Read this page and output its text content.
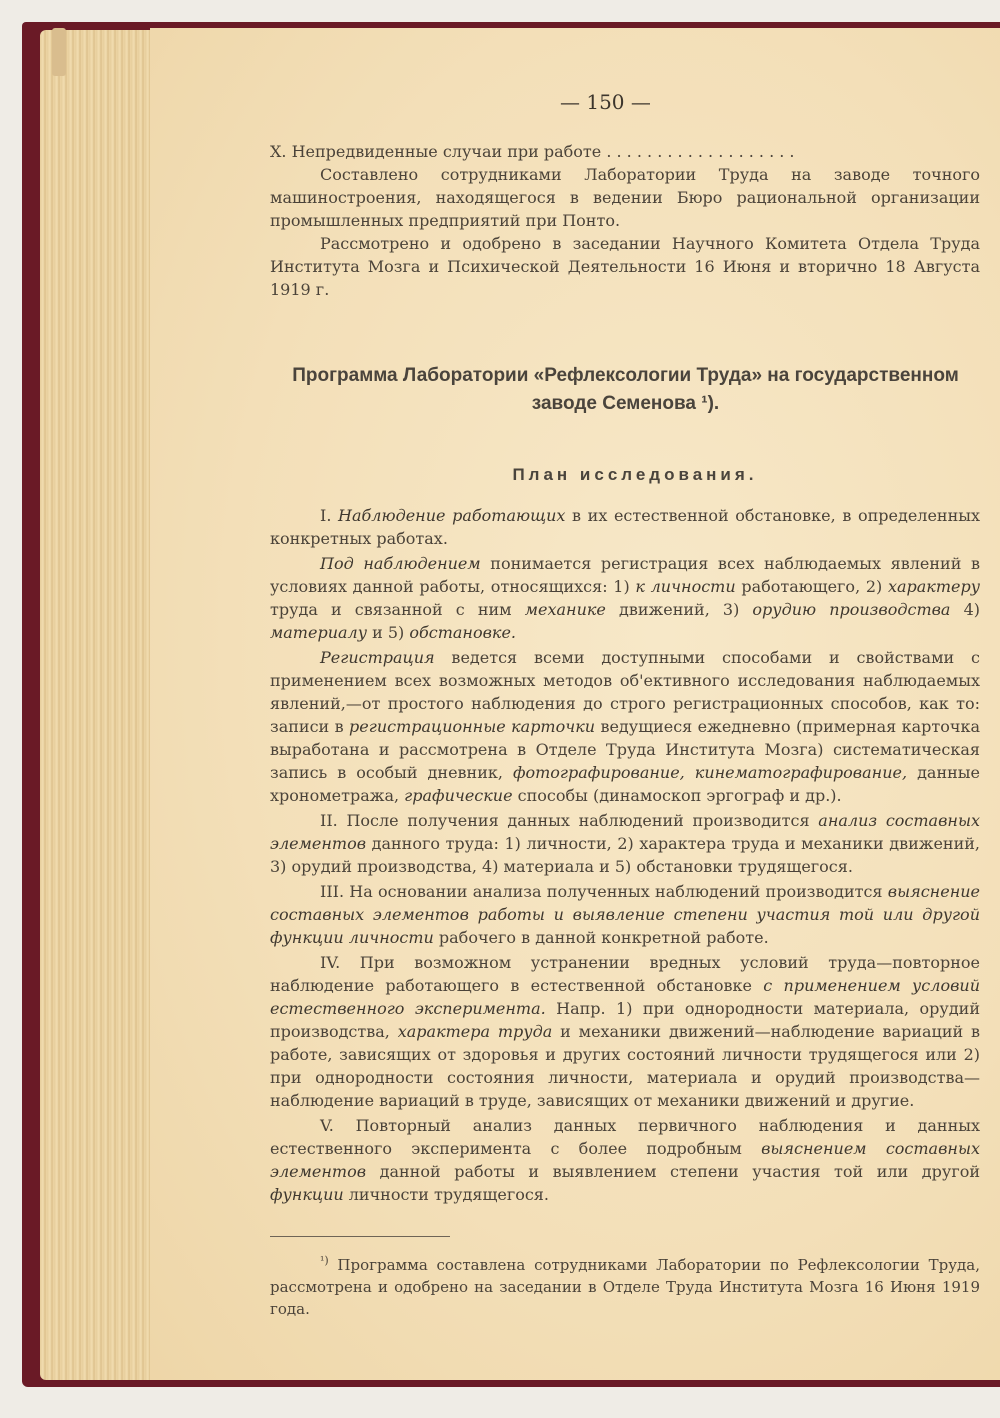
— 150 —

X. Непредвиденные случаи при работе . . . . . . . . . . . . . . . . . . .

Составлено сотрудниками Лаборатории Труда на заводе точного машиностроения, находящегося в ведении Бюро рациональной организации промышленных предприятий при Понто.

Рассмотрено и одобрено в заседании Научного Комитета Отдела Труда Института Мозга и Психической Деятельности 16 Июня и вторично 18 Августа 1919 г.

Программа Лаборатории «Рефлексологии Труда» на государственном заводе Семенова ¹).
План исследования.

I. Наблюдение работающих в их естественной обстановке, в определенных конкретных работах.

Под наблюдением понимается регистрация всех наблюдаемых явлений в условиях данной работы, относящихся: 1) к личности работающего, 2) характеру труда и связанной с ним механике движений, 3) орудию производства 4) материалу и 5) обстановке.

Регистрация ведется всеми доступными способами и свойствами с применением всех возможных методов об'ективного исследования наблюдаемых явлений,—от простого наблюдения до строго регистрационных способов, как то: записи в регистрационные карточки ведущиеся ежедневно (примерная карточка выработана и рассмотрена в Отделе Труда Института Мозга) систематическая запись в особый дневник, фотографирование, кинематографирование, данные хронометража, графические способы (динамоскоп эргограф и др.).

II. После получения данных наблюдений производится анализ составных элементов данного труда: 1) личности, 2) характера труда и механики движений, 3) орудий производства, 4) материала и 5) обстановки трудящегося.

III. На основании анализа полученных наблюдений производится выяснение составных элементов работы и выявление степени участия той или другой функции личности рабочего в данной конкретной работе.

IV. При возможном устранении вредных условий труда—повторное наблюдение работающего в естественной обстановке с применением условий естественного эксперимента. Напр. 1) при однородности материала, орудий производства, характера труда и механики движений—наблюдение вариаций в работе, зависящих от здоровья и других состояний личности трудящегося или 2) при однородности состояния личности, материала и орудий производства—наблюдение вариаций в труде, зависящих от механики движений и другие.

V. Повторный анализ данных первичного наблюдения и данных естественного эксперимента с более подробным выяснением составных элементов данной работы и выявлением степени участия той или другой функции личности трудящегося.

$^{^1)}$ Программа составлена сотрудниками Лаборатории по Рефлексологии Труда, рассмотрена и одобрено на заседании в Отделе Труда Института Мозга 16 Июня 1919 года.
